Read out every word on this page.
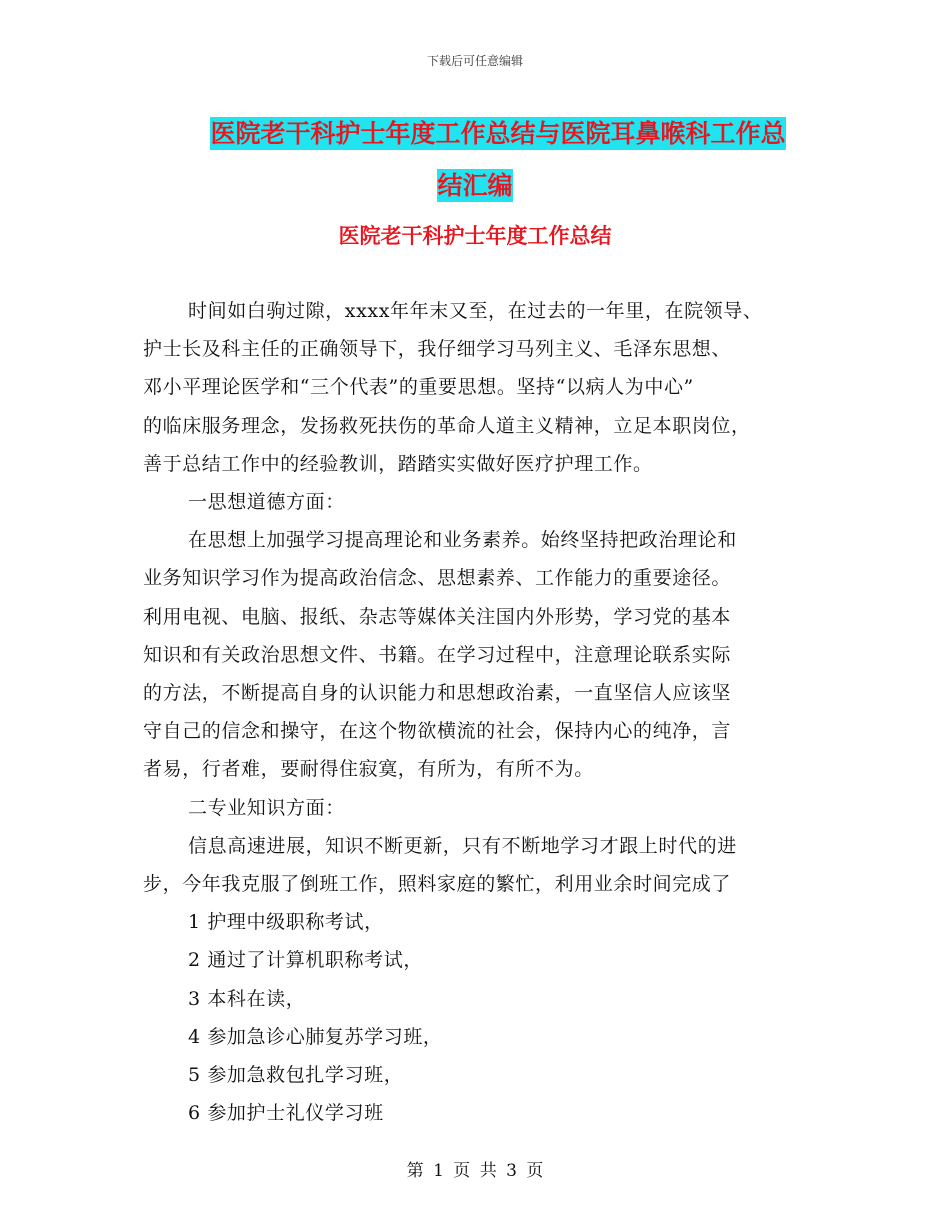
下载后可任意编辑
医院老干科护士年度工作总结与医院耳鼻喉科工作总
结汇编
医院老干科护士年度工作总结

时间如白驹过隙，xxxx年年末又至，在过去的一年里，在院领导、

护士长及科主任的正确领导下，我仔细学习马列主义、毛泽东思想、

邓小平理论医学和“三个代表”的重要思想。坚持“以病人为中心”

的临床服务理念，发扬救死扶伤的革命人道主义精神，立足本职岗位，

善于总结工作中的经验教训，踏踏实实做好医疗护理工作。

一思想道德方面：

在思想上加强学习提高理论和业务素养。始终坚持把政治理论和

业务知识学习作为提高政治信念、思想素养、工作能力的重要途径。

利用电视、电脑、报纸、杂志等媒体关注国内外形势，学习党的基本

知识和有关政治思想文件、书籍。在学习过程中，注意理论联系实际

的方法，不断提高自身的认识能力和思想政治素，一直坚信人应该坚

守自己的信念和操守，在这个物欲横流的社会，保持内心的纯净，言

者易，行者难，要耐得住寂寞，有所为，有所不为。

二专业知识方面：

信息高速进展，知识不断更新，只有不断地学习才跟上时代的进

步，今年我克服了倒班工作，照料家庭的繁忙，利用业余时间完成了

1 护理中级职称考试，

2 通过了计算机职称考试，

3 本科在读，

4 参加急诊心肺复苏学习班，

5 参加急救包扎学习班，

6 参加护士礼仪学习班

第 1 页 共 3 页
